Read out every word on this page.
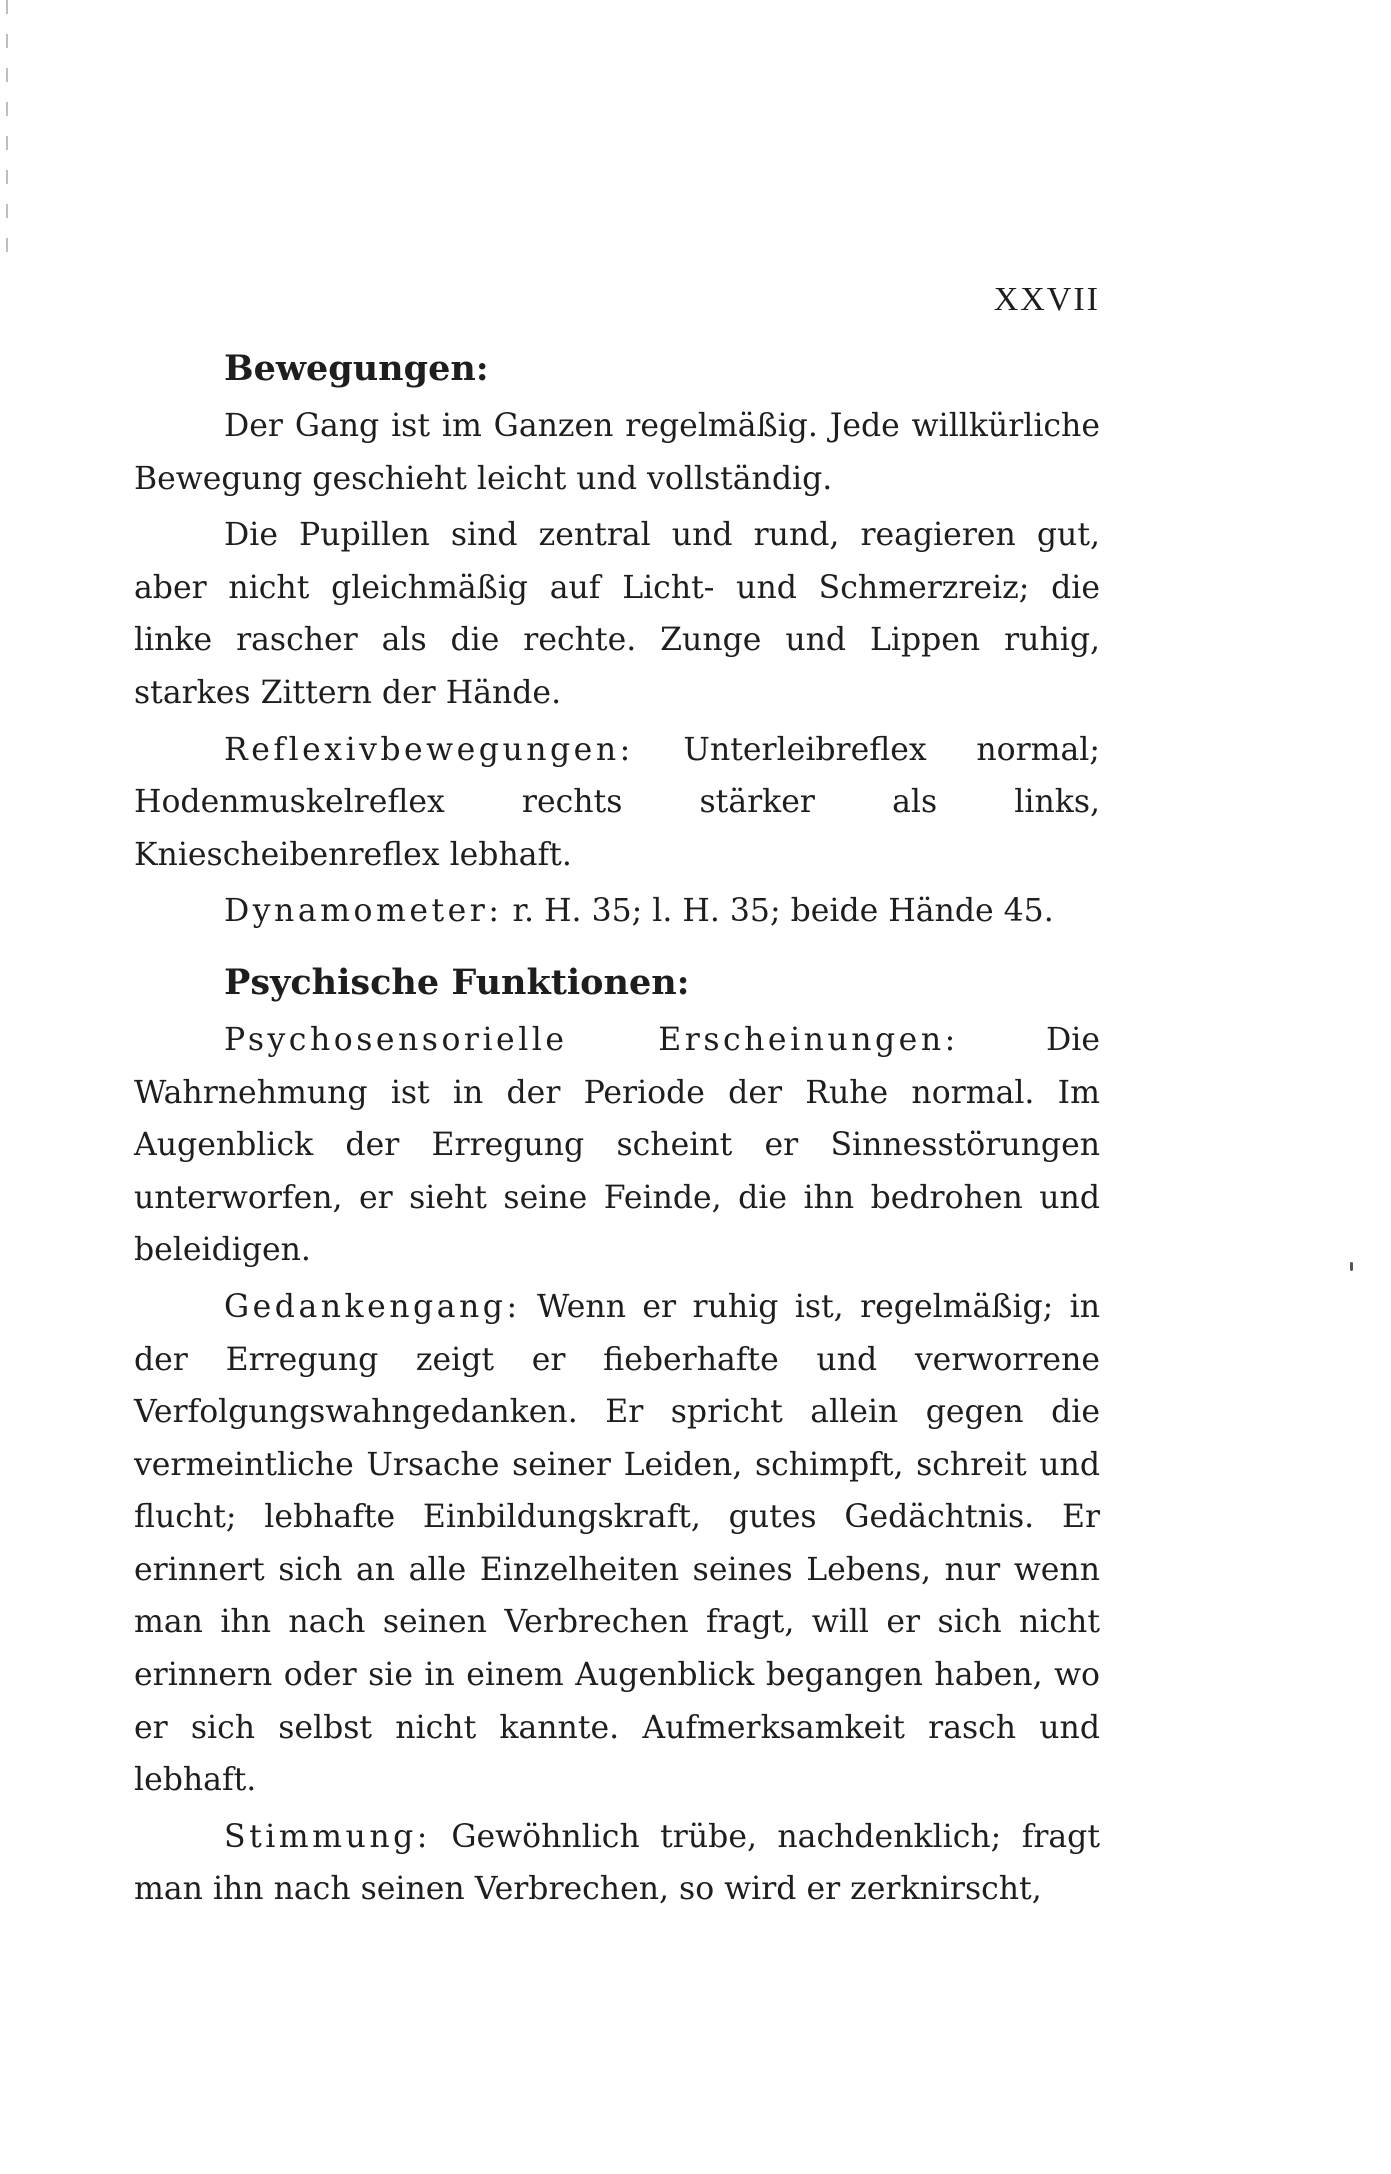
XXVII
Bewegungen:

Der Gang ist im Ganzen regelmäßig. Jede willkürliche Bewegung geschieht leicht und vollständig.

Die Pupillen sind zentral und rund, reagieren gut, aber nicht gleichmäßig auf Licht- und Schmerzreiz; die linke rascher als die rechte. Zunge und Lippen ruhig, starkes Zittern der Hände.

Reflexivbewegungen: Unterleibreflex normal; Hodenmuskelreflex rechts stärker als links, Kniescheibenreflex lebhaft.

Dynamometer: r. H. 35; l. H. 35; beide Hände 45.

Psychische Funktionen:

Psychosensorielle Erscheinungen:	Die Wahrnehmung ist in der Periode der Ruhe normal. Im Augenblick der Erregung scheint er Sinnesstörungen unterworfen, er sieht seine Feinde, die ihn bedrohen und beleidigen.

Gedankengang: Wenn er ruhig ist, regelmäßig; in der Erregung zeigt er fieberhafte und verworrene Verfolgungswahngedanken. Er spricht allein gegen die vermeintliche Ursache seiner Leiden, schimpft, schreit und flucht; lebhafte Einbildungskraft, gutes Gedächtnis. Er erinnert sich an alle Einzelheiten seines Lebens, nur wenn man ihn nach seinen Verbrechen fragt, will er sich nicht erinnern oder sie in einem Augenblick begangen haben, wo er sich selbst nicht kannte. Aufmerksamkeit rasch und lebhaft.

Stimmung: Gewöhnlich trübe, nachdenklich; fragt man ihn nach seinen Verbrechen, so wird er zerknirscht,
